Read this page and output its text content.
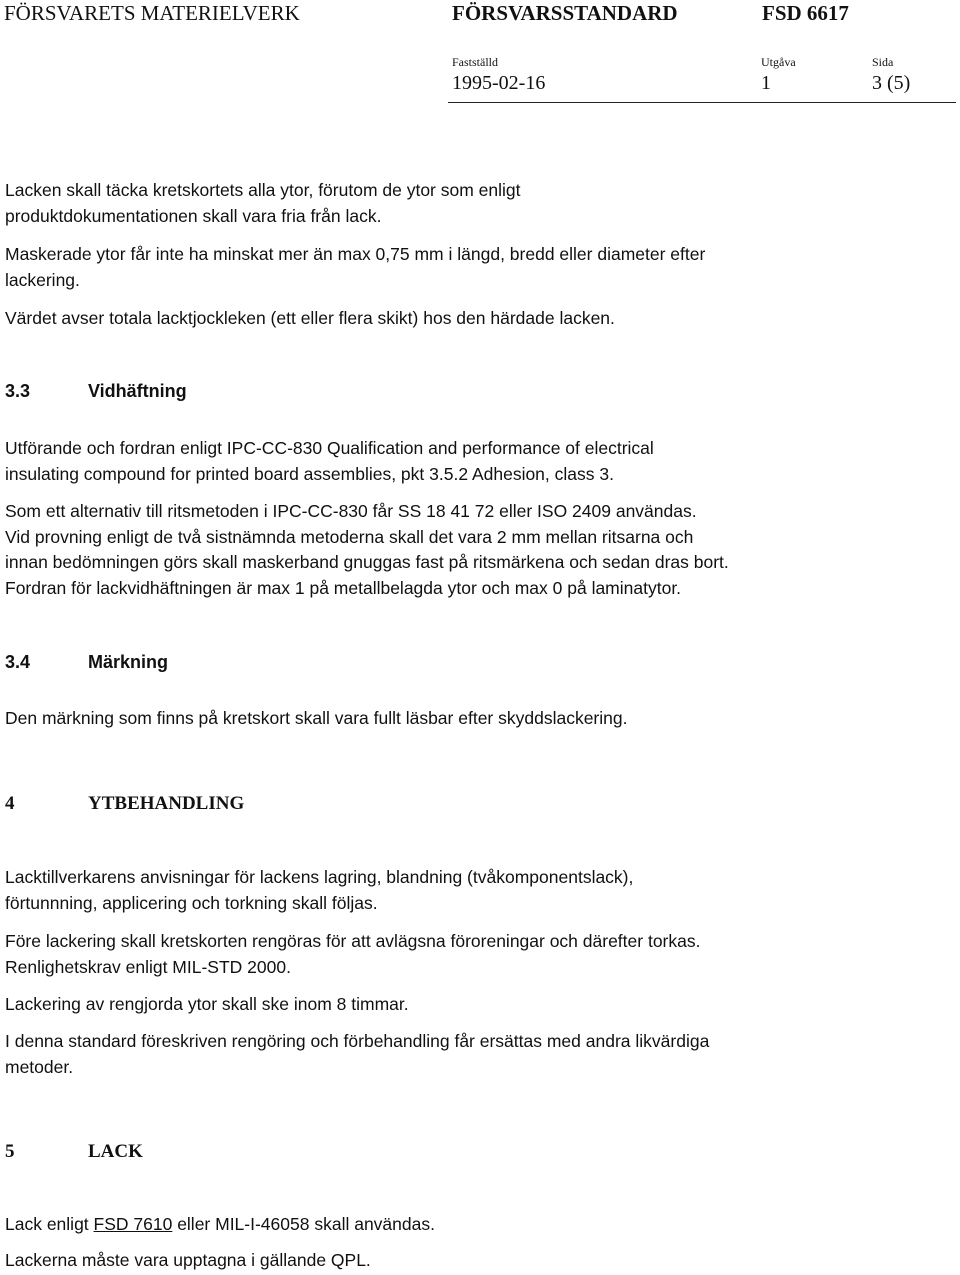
FÖRSVARETS MATERIELVERK	FÖRSVARSSTANDARD	FSD 6617
Fastställd	Utgåva	Sida
1995-02-16	1	3 (5)

Lacken skall täcka kretskortets alla ytor, förutom de ytor som enligt
produktdokumentationen skall vara fria från lack.

Maskerade ytor får inte ha minskat mer än max 0,75 mm i längd, bredd eller diameter efter
lackering.

Värdet avser totala lacktjockleken (ett eller flera skikt) hos den härdade lacken.

3.3	Vidhäftning

Utförande och fordran enligt IPC-CC-830 Qualification and performance of electrical
insulating compound for printed board assemblies, pkt 3.5.2 Adhesion, class 3.

Som ett alternativ till ritsmetoden i IPC-CC-830 får SS 18 41 72 eller ISO 2409 användas.
Vid provning enligt de två sistnämnda metoderna skall det vara 2 mm mellan ritsarna och
innan bedömningen görs skall maskerband gnuggas fast på ritsmärkena och sedan dras bort.
Fordran för lackvidhäftningen är max 1 på metallbelagda ytor och max 0 på laminatytor.

3.4	Märkning

Den märkning som finns på kretskort skall vara fullt läsbar efter skyddslackering.

4	YTBEHANDLING

Lacktillverkarens anvisningar för lackens lagring, blandning (tvåkomponentslack),
förtunnning, applicering och torkning skall följas.

Före lackering skall kretskorten rengöras för att avlägsna föroreningar och därefter torkas.
Renlighetskrav enligt MIL-STD 2000.

Lackering av rengjorda ytor skall ske inom 8 timmar.

I denna standard föreskriven rengöring och förbehandling får ersättas med andra likvärdiga
metoder.

5	LACK

Lack enligt FSD 7610 eller MIL-I-46058 skall användas.

Lackerna måste vara upptagna i gällande QPL.
